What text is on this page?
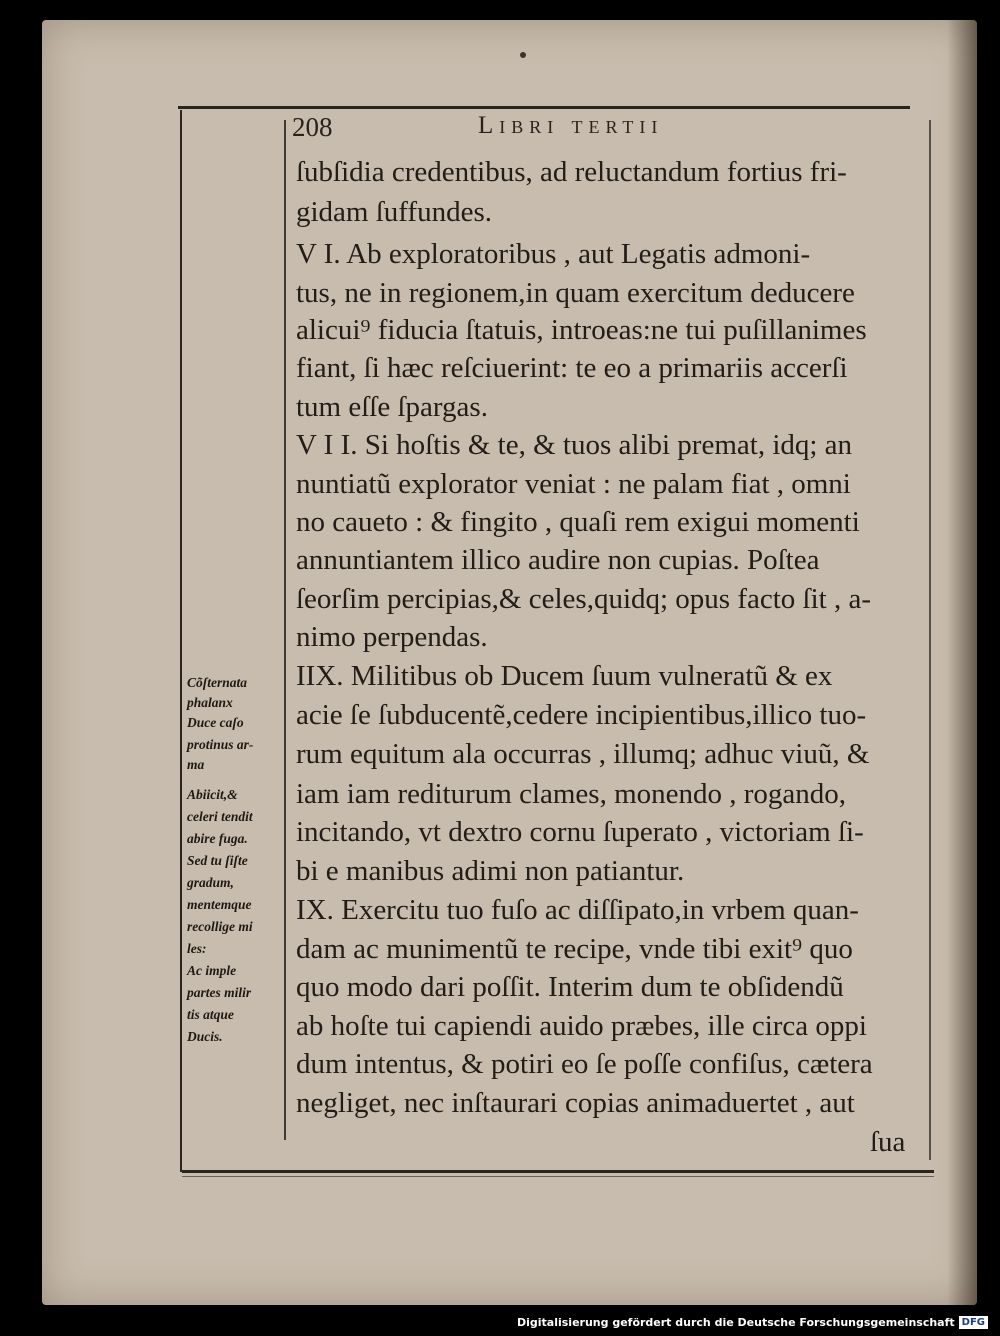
208	Libri tertii
ſubſidia credentibus, ad reluctandum fortius fri-
gidam ſuffundes.
V I. Ab exploratoribus , aut Legatis admoni-
tus, ne in regionem,in quam exercitum deducere
alicui⁹ fiducia ſtatuis, introeas:ne tui puſillanimes
fiant, ſi hæc reſciuerint: te eo a primariis accerſi
tum eſſe ſpargas.
V I I. Si hoſtis & te, & tuos alibi premat, idq; an
nuntiatũ explorator veniat : ne palam fiat , omni
no caueto : & fingito , quaſi rem exigui momenti
annuntiantem illico audire non cupias. Poſtea
ſeorſim percipias,& celes,quidq; opus facto ſit , a-
nimo perpendas.
IIX. Militibus ob Ducem ſuum vulneratũ & ex
acie ſe ſubducentẽ,cedere incipientibus,illico tuo-
rum equitum ala occurras , illumq; adhuc viuũ, &
iam iam rediturum clames, monendo , rogando,
incitando, vt dextro cornu ſuperato , victoriam ſi-
bi e manibus adimi non patiantur.
IX. Exercitu tuo fuſo ac diſſipato,in vrbem quan-
dam ac munimentũ te recipe, vnde tibi exit⁹ quo
quo modo dari poſſit. Interim dum te obſidendũ
ab hoſte tui capiendi auido præbes, ille circa oppi
dum intentus, & potiri eo ſe poſſe confiſus, cætera
negliget, nec inſtaurari copias animaduertet , aut
ſua
Cõſternata
phalanx
Duce caſo
protinus ar-
ma
Abiicit,&
celeri tendit
abire fuga.
Sed tu ſiſte
gradum,
mentemque
recollige mi
les:
Ac imple
partes milir
tis atque
Ducis.
Digitalisierung gefördert durch die Deutsche Forschungsgemeinschaft DFG
